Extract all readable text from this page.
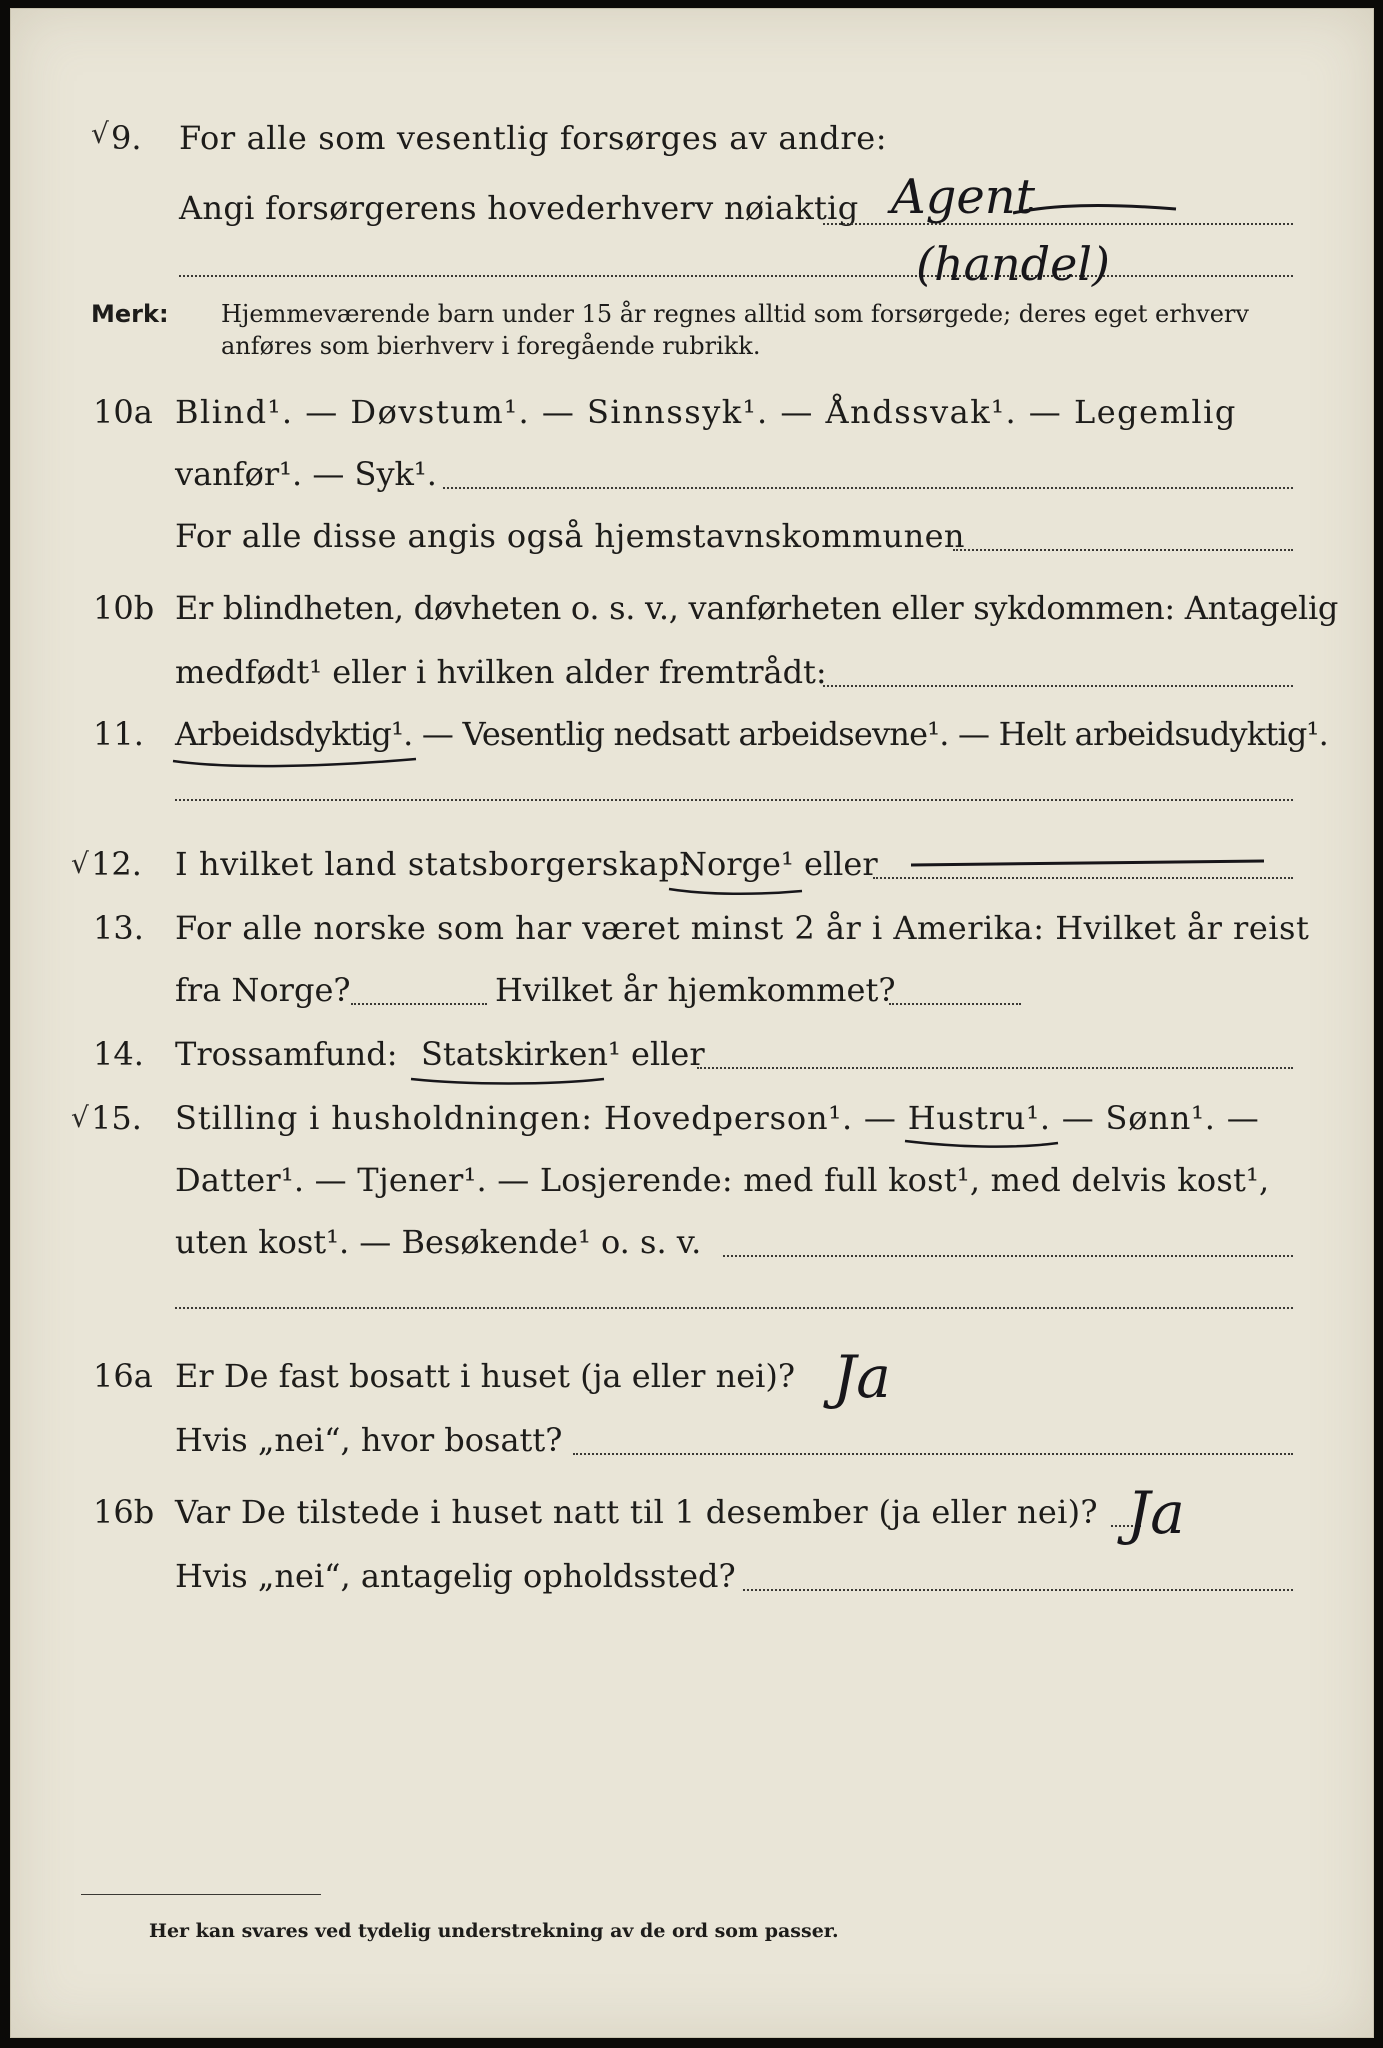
√ 9. For alle som vesentlig forsørges av andre:
Angi forsørgerens hovederhverv nøiaktig Agent
(handel)
Merk: Hjemmeværende barn under 15 år regnes alltid som forsørgede; deres eget erhverv
anføres som bierhverv i foregående rubrikk.
10a Blind¹. — Døvstum¹. — Sinnssyk¹. — Åndssvak¹. — Legemlig
vanfør¹. — Syk¹.
For alle disse angis også hjemstavnskommunen
10b Er blindheten, døvheten o. s. v., vanførheten eller sykdommen: Antagelig
medfødt¹ eller i hvilken alder fremtrådt:
11. Arbeidsdyktig¹. — Vesentlig nedsatt arbeidsevne¹. — Helt arbeidsudyktig¹.
√ 12. I hvilket land statsborgerskap:
Norge¹ eller
13. For alle norske som har været minst 2 år i Amerika: Hvilket år reist
fra Norge?	Hvilket år hjemkommet?
14. Trossamfund: Statskirken¹ eller
√ 15. Stilling i husholdningen: Hovedperson¹. — Hustru¹. — Sønn¹. —
Datter¹. — Tjener¹. — Losjerende: med full kost¹, med delvis kost¹,
uten kost¹. — Besøkende¹ o. s. v.
16a Er De fast bosatt i huset (ja eller nei)? Ja
Hvis „nei“, hvor bosatt?
16b Var De tilstede i huset natt til 1 desember (ja eller nei)? Ja
Hvis „nei“, antagelig opholdssted?
Her kan svares ved tydelig understrekning av de ord som passer.
